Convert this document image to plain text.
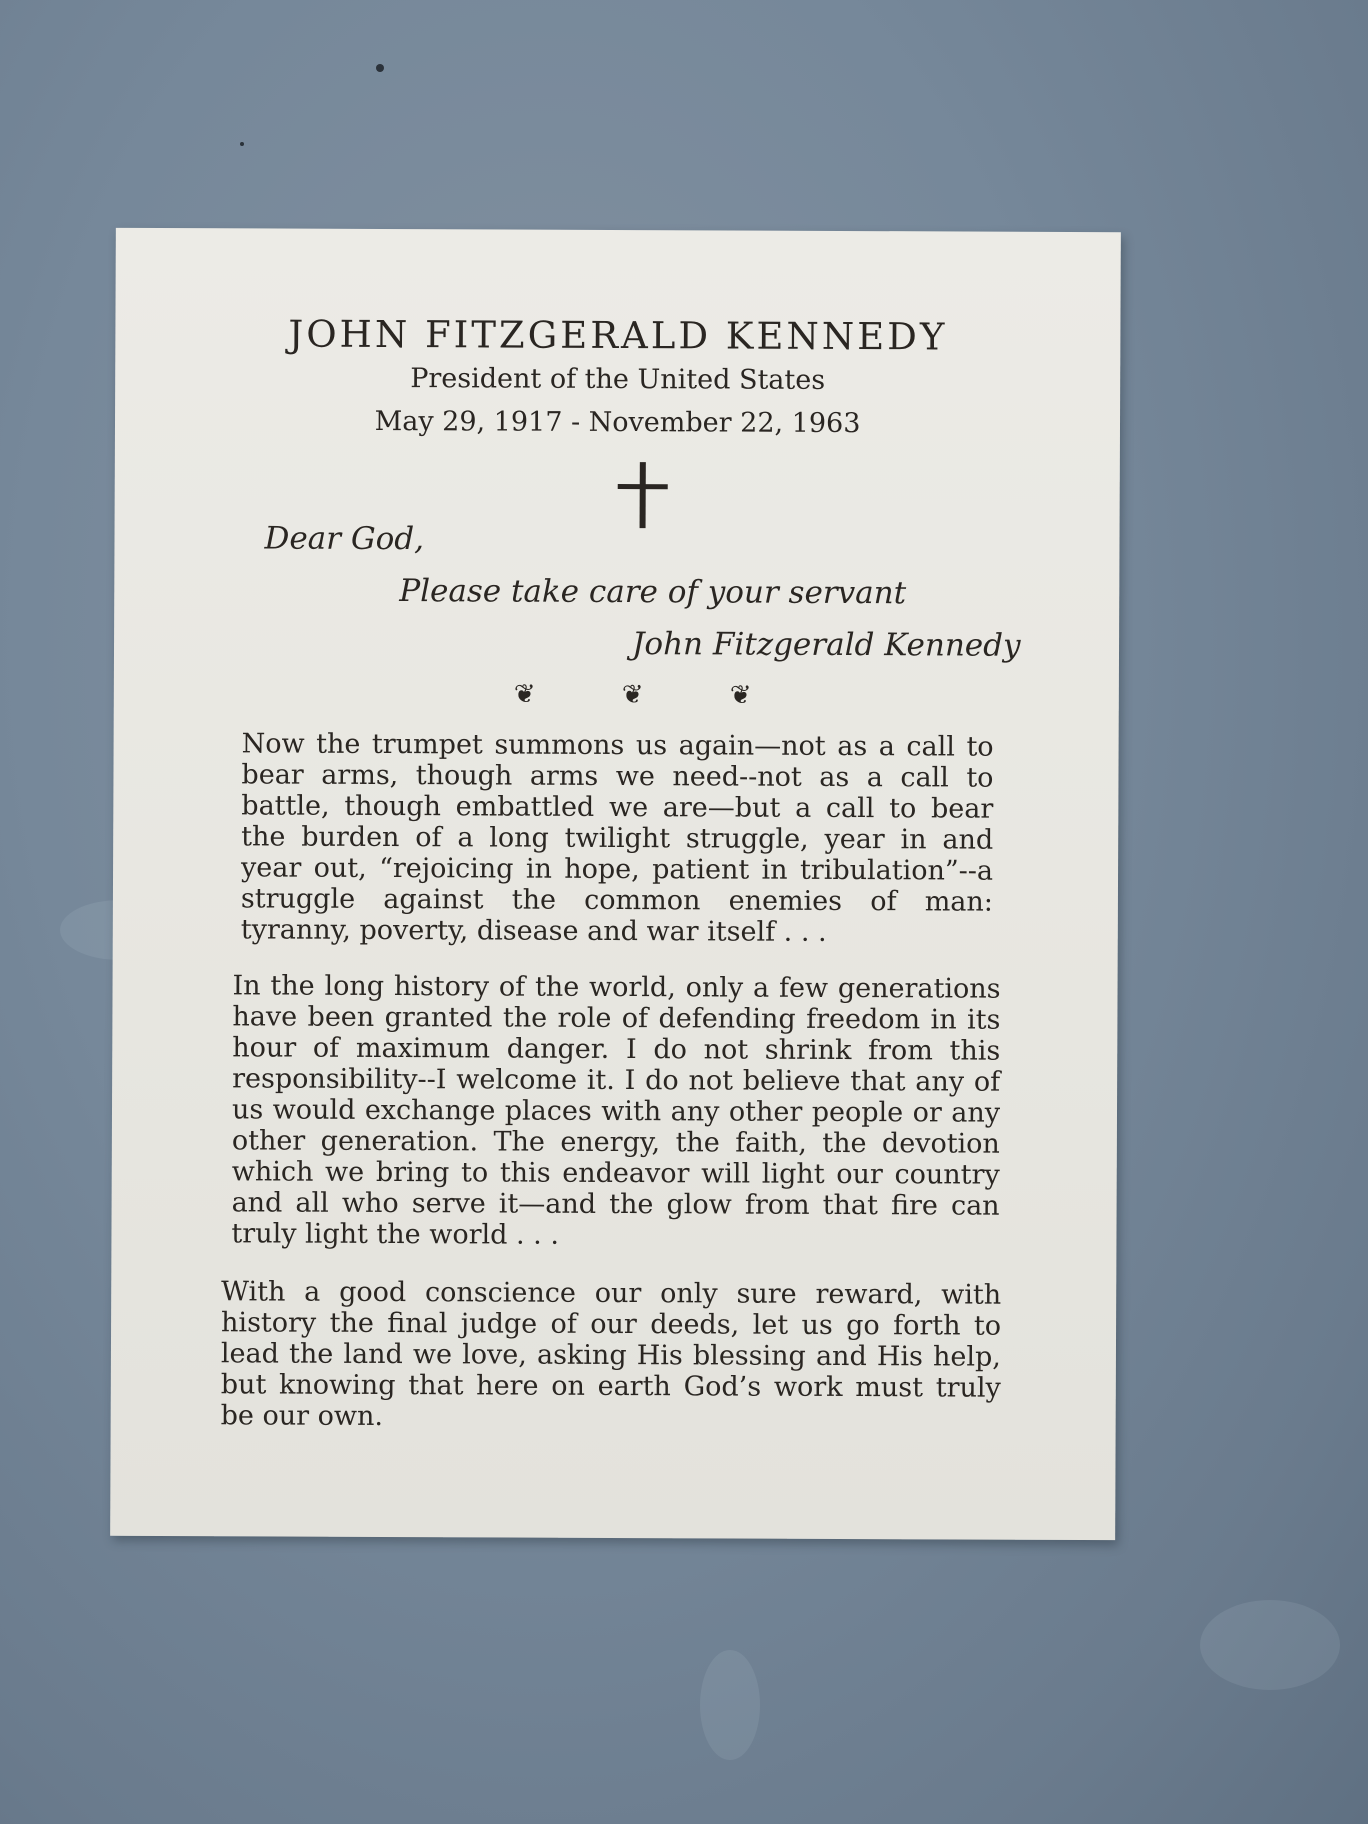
JOHN FITZGERALD KENNEDY
President of the United States
May 29, 1917 - November 22, 1963
Dear God,
Please take care of your servant
John Fitzgerald Kennedy
❦	❦	❦

Now the trumpet summons us again—not as a call to bear arms, though arms we need--not as a call to battle, though embattled we are—but a call to bear the burden of a long twilight struggle, year in and year out, “rejoicing in hope, patient in tribulation”--a struggle against the common enemies of man: tyranny, poverty, disease and war itself . . .

In the long history of the world, only a few generations have been granted the role of defending freedom in its hour of maximum danger. I do not shrink from this responsibility--I welcome it. I do not believe that any of us would exchange places with any other people or any other generation. The energy, the faith, the devotion which we bring to this endeavor will light our country and all who serve it—and the glow from that fire can truly light the world . . .

With a good conscience our only sure reward, with history the final judge of our deeds, let us go forth to lead the land we love, asking His blessing and His help, but knowing that here on earth God’s work must truly be our own.
